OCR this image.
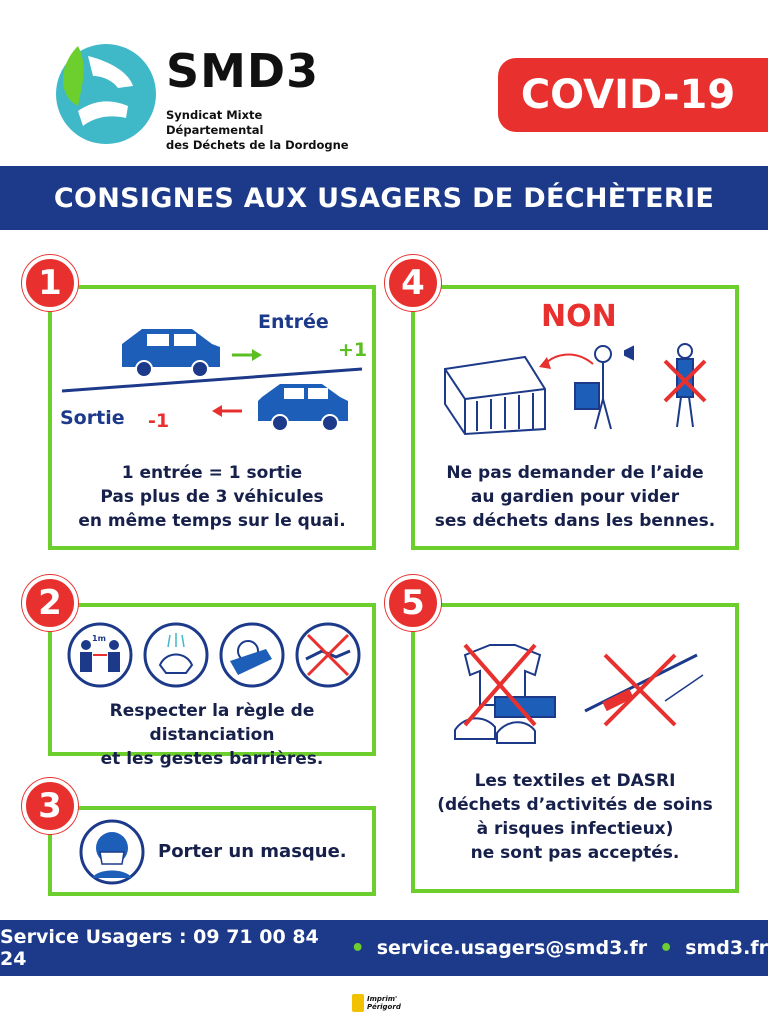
SMD3
Syndicat Mixte Départemental
des Déchets de la Dordogne
COVID-19
CONSIGNES AUX USAGERS DE DÉCHÈTERIE
Entrée
+1
Sortie -1
1 entrée = 1 sortie
Pas plus de 3 véhicules
en même temps sur le quai.
1
NON
Ne pas demander de l’aide
au gardien pour vider
ses déchets dans les bennes.
4
1m
Respecter la règle de distanciation
et les gestes barrières.
2
Porter un masque.
3
Les textiles et DASRI
(déchets d’activités de soins
à risques infectieux)
ne sont pas acceptés.
5
Service Usagers : 09 71 00 84 24	• service.usagers@smd3.fr • smd3.fr
Imprim'
Périgord
